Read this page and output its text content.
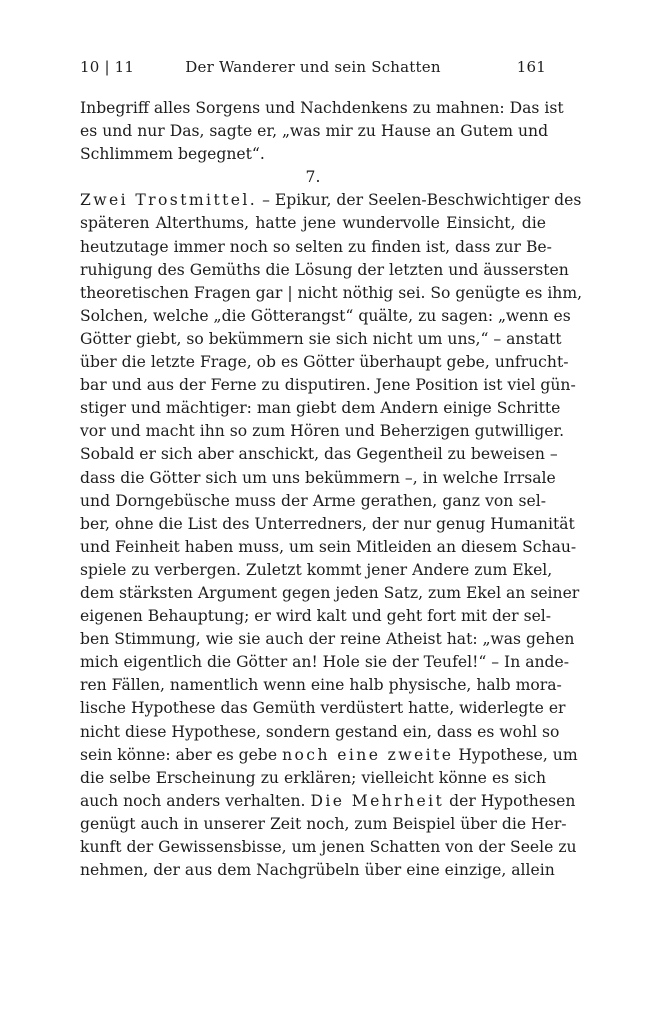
10 | 11	Der Wanderer und sein Schatten	161
Inbegriff alles Sorgens und Nachdenkens zu mahnen: Das ist
es und nur Das, sagte er, „was mir zu Hause an Gutem und
Schlimmem begegnet“.
7.
Zwei Trostmittel. – Epikur, der Seelen-Beschwichtiger des
späteren Alterthums, hatte jene wundervolle Einsicht, die
heutzutage immer noch so selten zu finden ist, dass zur Be-
ruhigung des Gemüths die Lösung der letzten und äussersten
theoretischen Fragen gar | nicht nöthig sei. So genügte es ihm,
Solchen, welche „die Götterangst“ quälte, zu sagen: „wenn es
Götter giebt, so bekümmern sie sich nicht um uns,“ – anstatt
über die letzte Frage, ob es Götter überhaupt gebe, unfrucht-
bar und aus der Ferne zu disputiren. Jene Position ist viel gün-
stiger und mächtiger: man giebt dem Andern einige Schritte
vor und macht ihn so zum Hören und Beherzigen gutwilliger.
Sobald er sich aber anschickt, das Gegentheil zu beweisen –
dass die Götter sich um uns bekümmern –, in welche Irrsale
und Dorngebüsche muss der Arme gerathen, ganz von sel-
ber, ohne die List des Unterredners, der nur genug Humanität
und Feinheit haben muss, um sein Mitleiden an diesem Schau-
spiele zu verbergen. Zuletzt kommt jener Andere zum Ekel,
dem stärksten Argument gegen jeden Satz, zum Ekel an seiner
eigenen Behauptung; er wird kalt und geht fort mit der sel-
ben Stimmung, wie sie auch der reine Atheist hat: „was gehen
mich eigentlich die Götter an! Hole sie der Teufel!“ – In ande-
ren Fällen, namentlich wenn eine halb physische, halb mora-
lische Hypothese das Gemüth verdüstert hatte, widerlegte er
nicht diese Hypothese, sondern gestand ein, dass es wohl so
sein könne: aber es gebe noch eine zweite Hypothese, um
die selbe Erscheinung zu erklären; vielleicht könne es sich
auch noch anders verhalten. Die Mehrheit der Hypothesen
genügt auch in unserer Zeit noch, zum Beispiel über die Her-
kunft der Gewissensbisse, um jenen Schatten von der Seele zu
nehmen, der aus dem Nachgrübeln über eine einzige, allein
